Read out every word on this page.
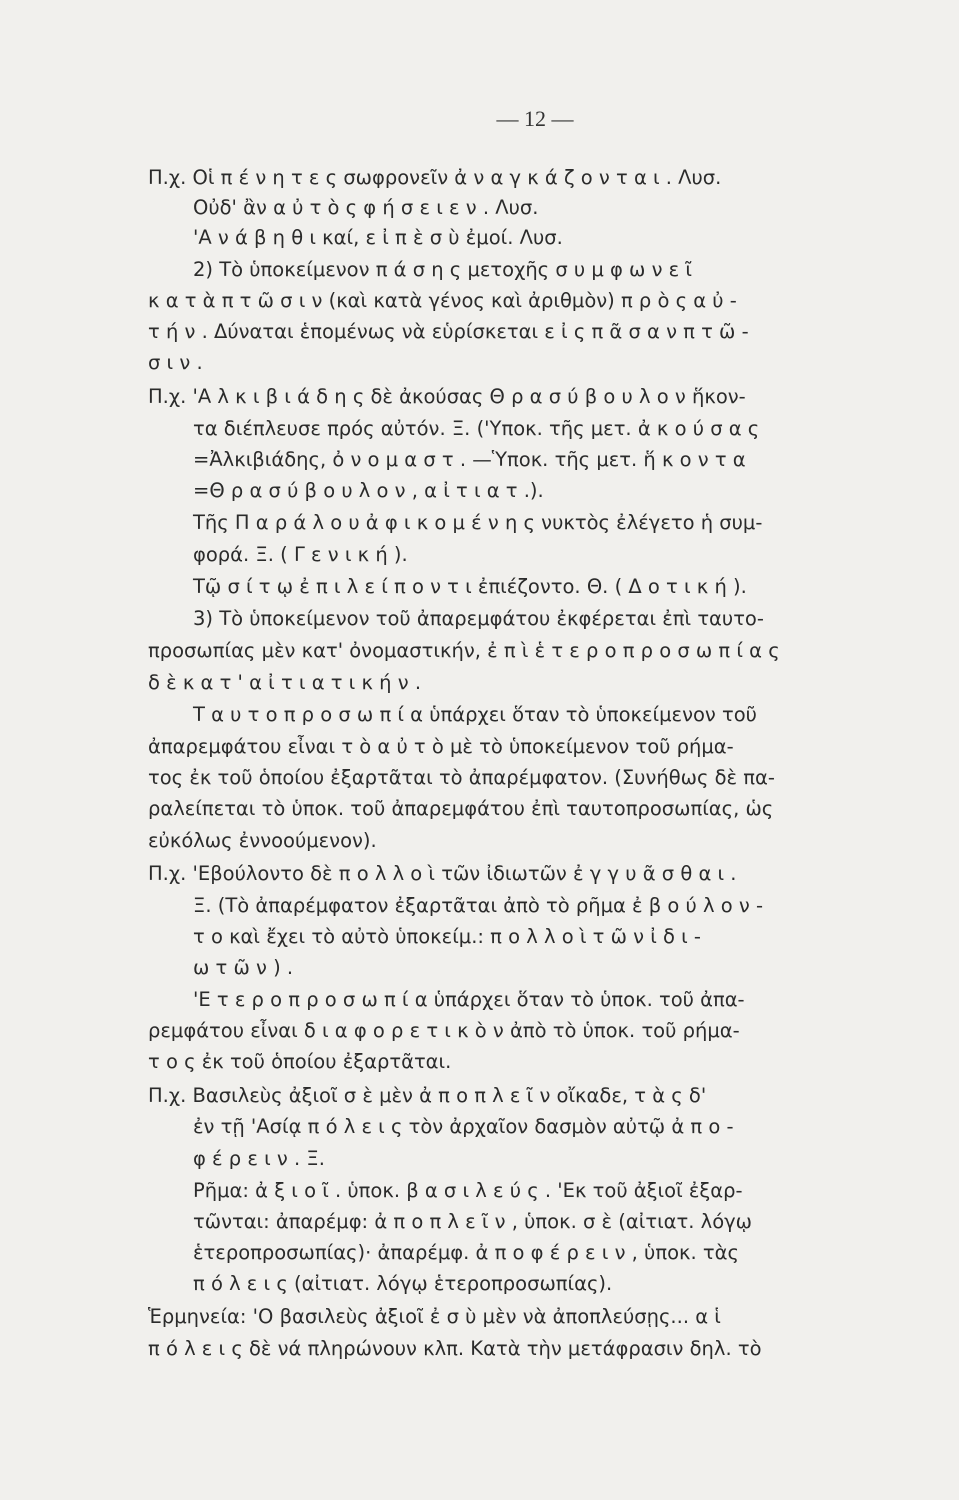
— 12 —
Π.χ. Οἱ π έ ν η τ ε ς σωφρονεῖν ἀ ν α γ κ ά ζ ο ν τ α ι . Λυσ.
Οὐδ' ἂν α ὐ τ ὸ ς φ ή σ ε ι ε ν . Λυσ.
'Α ν ά β η θ ι καί, ε ἰ π ὲ σ ὺ ἐμοί. Λυσ.
2) Τὸ ὑποκείμενον π ά σ η ς μετοχῆς σ υ μ φ ω ν ε ῖ
κ α τ ὰ π τ ῶ σ ι ν (καὶ κατὰ γένος καὶ ἀριθμὸν) π ρ ὸ ς α ὐ -
τ ή ν . Δύναται ἑπομένως νὰ εὑρίσκεται ε ἰ ς π ᾶ σ α ν π τ ῶ -
σ ι ν .
Π.χ. 'Α λ κ ι β ι ά δ η ς δὲ ἀκούσας Θ ρ α σ ύ β ο υ λ ο ν ἥκον-
τα διέπλευσε πρός αὐτόν. Ξ. ('Υποκ. τῆς μετ. ἀ κ ο ύ σ α ς
=Ἀλκιβιάδης, ὀ ν ο μ α σ τ . —Ὑποκ. τῆς μετ. ἥ κ ο ν τ α
=Θ ρ α σ ύ β ο υ λ ο ν , α ἰ τ ι α τ .).
Τῆς Π α ρ ά λ ο υ ἀ φ ι κ ο μ έ ν η ς νυκτὸς ἐλέγετο ἡ συμ-
φορά. Ξ. ( Γ ε ν ι κ ή ).
Τῷ σ ί τ ῳ ἐ π ι λ ε ί π ο ν τ ι ἐπιέζοντο. Θ. ( Δ ο τ ι κ ή ).
3) Τὸ ὑποκείμενον τοῦ ἀπαρεμφάτου ἐκφέρεται ἐπὶ ταυτο-
προσωπίας μὲν κατ' ὀνομαστικήν, ἐ π ὶ ἑ τ ε ρ ο π ρ ο σ ω π ί α ς
δ ὲ κ α τ ' α ἰ τ ι α τ ι κ ή ν .
Τ α υ τ ο π ρ ο σ ω π ί α ὑπάρχει ὅταν τὸ ὑποκείμενον τοῦ
ἀπαρεμφάτου εἶναι τ ὸ α ὐ τ ὸ μὲ τὸ ὑποκείμενον τοῦ ρήμα-
τος ἐκ τοῦ ὁποίου ἐξαρτᾶται τὸ ἀπαρέμφατον. (Συνήθως δὲ πα-
ραλείπεται τὸ ὑποκ. τοῦ ἀπαρεμφάτου ἐπὶ ταυτοπροσωπίας, ὡς
εὐκόλως ἐννοούμενον).
Π.χ. 'Εβούλοντο δὲ π ο λ λ ο ὶ τῶν ἰδιωτῶν ἐ γ γ υ ᾶ σ θ α ι .
Ξ. (Τὸ ἀπαρέμφατον ἐξαρτᾶται ἀπὸ τὸ ρῆμα ἐ β ο ύ λ ο ν -
τ ο καὶ ἔχει τὸ αὐτὸ ὑποκείμ.: π ο λ λ ο ὶ τ ῶ ν ἰ δ ι -
ω τ ῶ ν ) .
'Ε τ ε ρ ο π ρ ο σ ω π ί α ὑπάρχει ὅταν τὸ ὑποκ. τοῦ ἀπα-
ρεμφάτου εἶναι δ ι α φ ο ρ ε τ ι κ ὸ ν ἀπὸ τὸ ὑποκ. τοῦ ρήμα-
τ ο ς ἐκ τοῦ ὁποίου ἐξαρτᾶται.
Π.χ. Βασιλεὺς ἀξιοῖ σ ὲ μὲν ἀ π ο π λ ε ῖ ν οἴκαδε, τ ὰ ς δ'
ἐν τῇ 'Ασίᾳ π ό λ ε ι ς τὸν ἀρχαῖον δασμὸν αὐτῷ ἀ π ο -
φ έ ρ ε ι ν . Ξ.
Ρῆμα: ἀ ξ ι ο ῖ . ὑποκ. β α σ ι λ ε ύ ς . 'Εκ τοῦ ἀξιοῖ ἐξαρ-
τῶνται: ἀπαρέμφ: ἀ π ο π λ ε ῖ ν , ὑποκ. σ ὲ (αἰτιατ. λόγῳ
ἑτεροπροσωπίας)· ἀπαρέμφ. ἀ π ο φ έ ρ ε ι ν , ὑποκ. τὰς
π ό λ ε ι ς (αἰτιατ. λόγῳ ἑτεροπροσωπίας).
Ἑρμηνεία: 'Ο βασιλεὺς ἀξιοῖ ἐ σ ὺ μὲν νὰ ἀποπλεύσῃς... α ἱ
π ό λ ε ι ς δὲ νά πληρώνουν κλπ. Κατὰ τὴν μετάφρασιν δηλ. τὸ
